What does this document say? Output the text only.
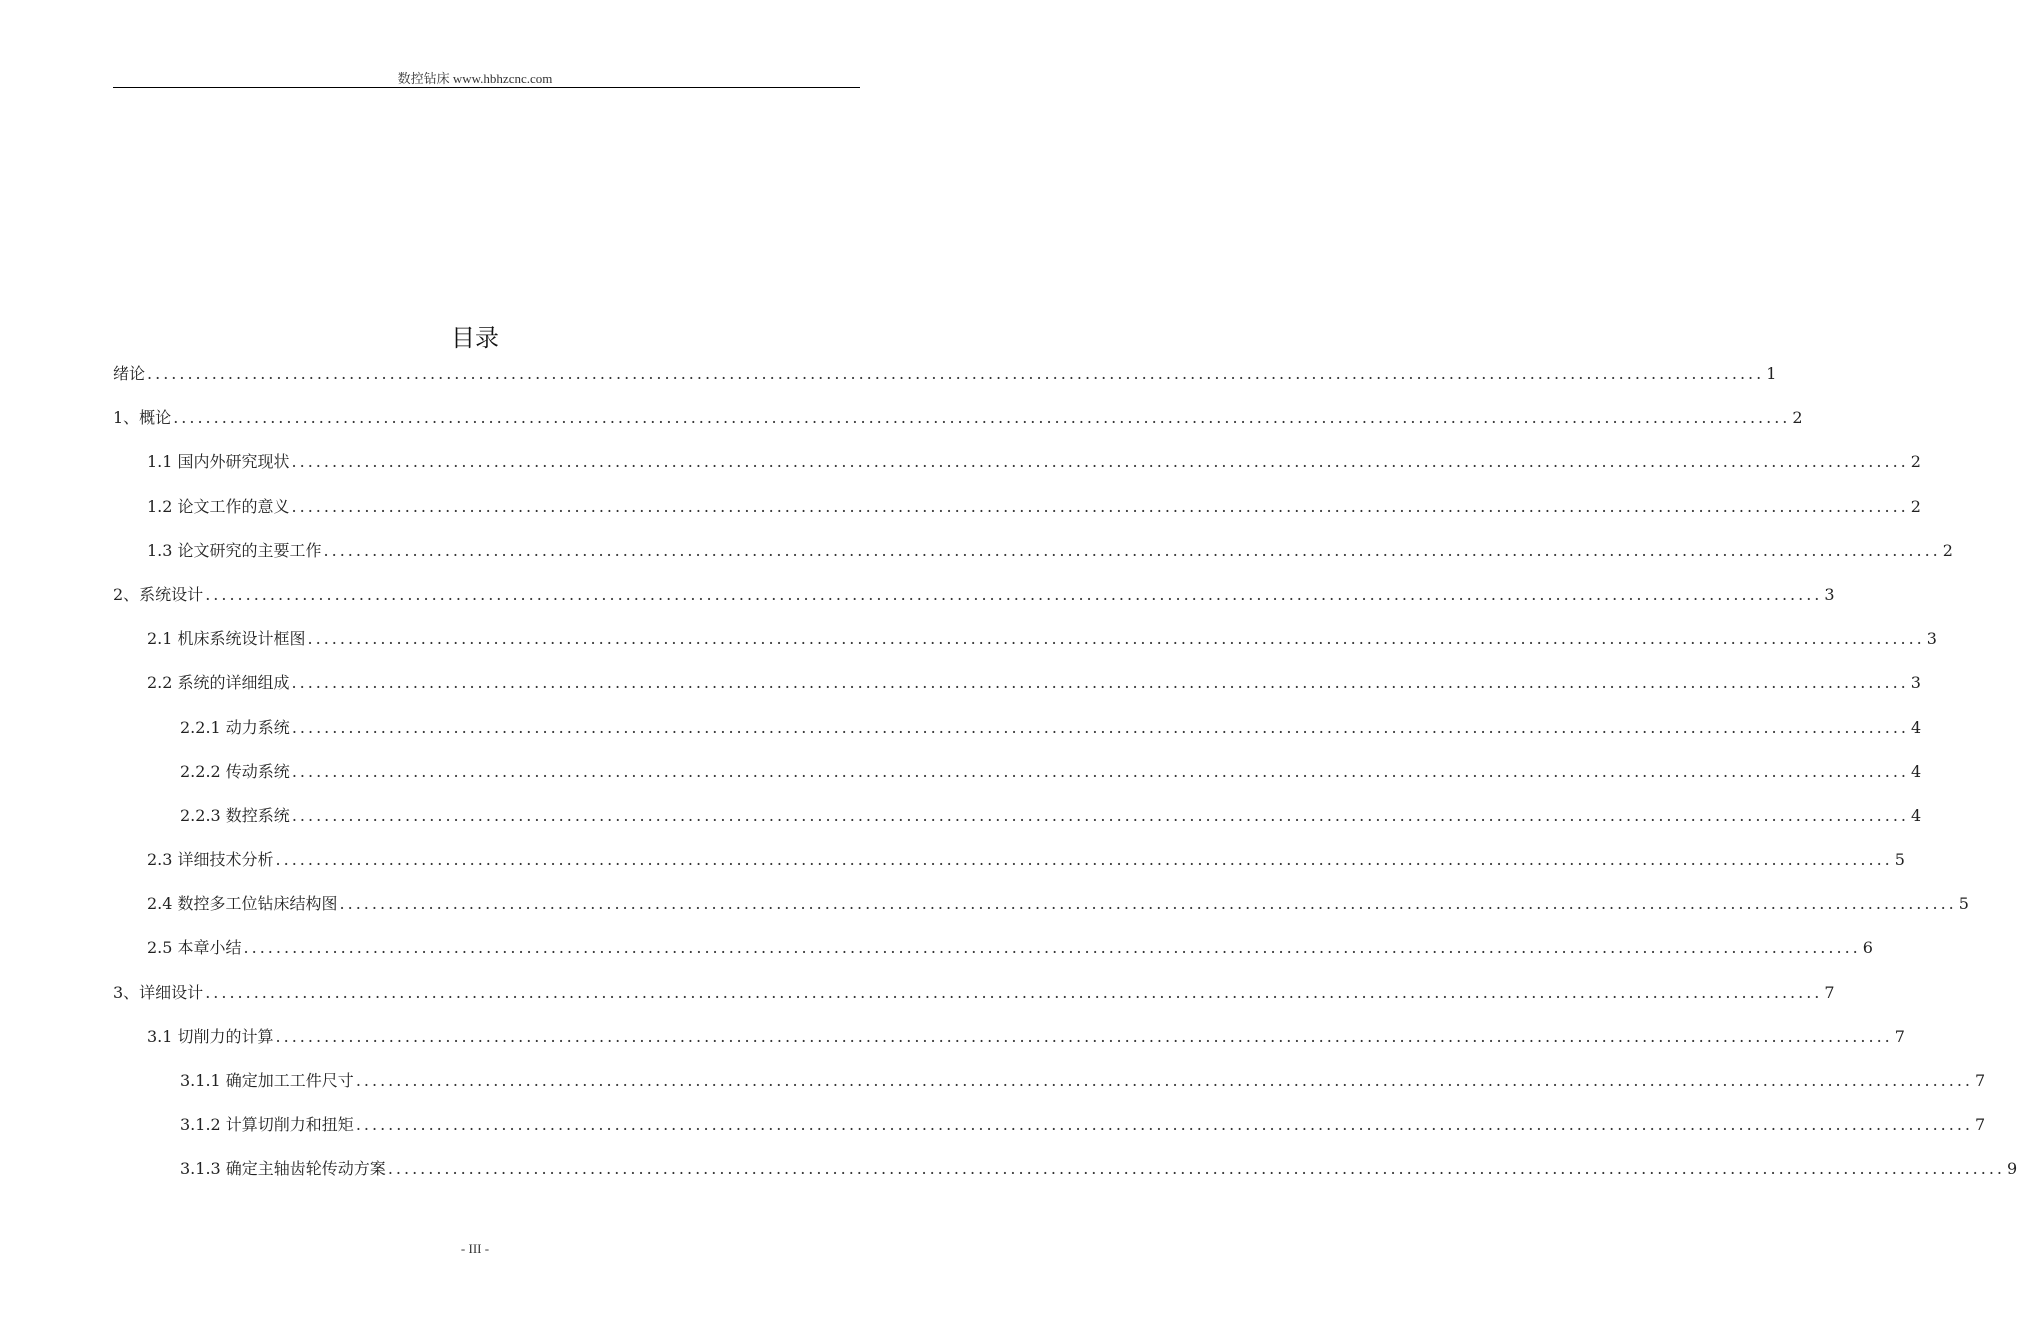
数控钻床 www.hbhzcnc.com
目录
绪论 ........................................................................................................................................................................................................ 1
1、概论 ........................................................................................................................................................................................................ 2
1.1 国内外研究现状 ........................................................................................................................................................................................................ 2
1.2 论文工作的意义 ........................................................................................................................................................................................................ 2
1.3 论文研究的主要工作 ........................................................................................................................................................................................................ 2
2、系统设计 ........................................................................................................................................................................................................ 3
2.1 机床系统设计框图 ........................................................................................................................................................................................................ 3
2.2 系统的详细组成 ........................................................................................................................................................................................................ 3
2.2.1 动力系统 ........................................................................................................................................................................................................ 4
2.2.2 传动系统 ........................................................................................................................................................................................................ 4
2.2.3 数控系统 ........................................................................................................................................................................................................ 4
2.3 详细技术分析 ........................................................................................................................................................................................................ 5
2.4 数控多工位钻床结构图 ........................................................................................................................................................................................................ 5
2.5 本章小结 ........................................................................................................................................................................................................ 6
3、详细设计 ........................................................................................................................................................................................................ 7
3.1 切削力的计算 ........................................................................................................................................................................................................ 7
3.1.1 确定加工工件尺寸 ........................................................................................................................................................................................................ 7
3.1.2 计算切削力和扭矩 ........................................................................................................................................................................................................ 7
3.1.3 确定主轴齿轮传动方案 ........................................................................................................................................................................................................ 9
- III -
